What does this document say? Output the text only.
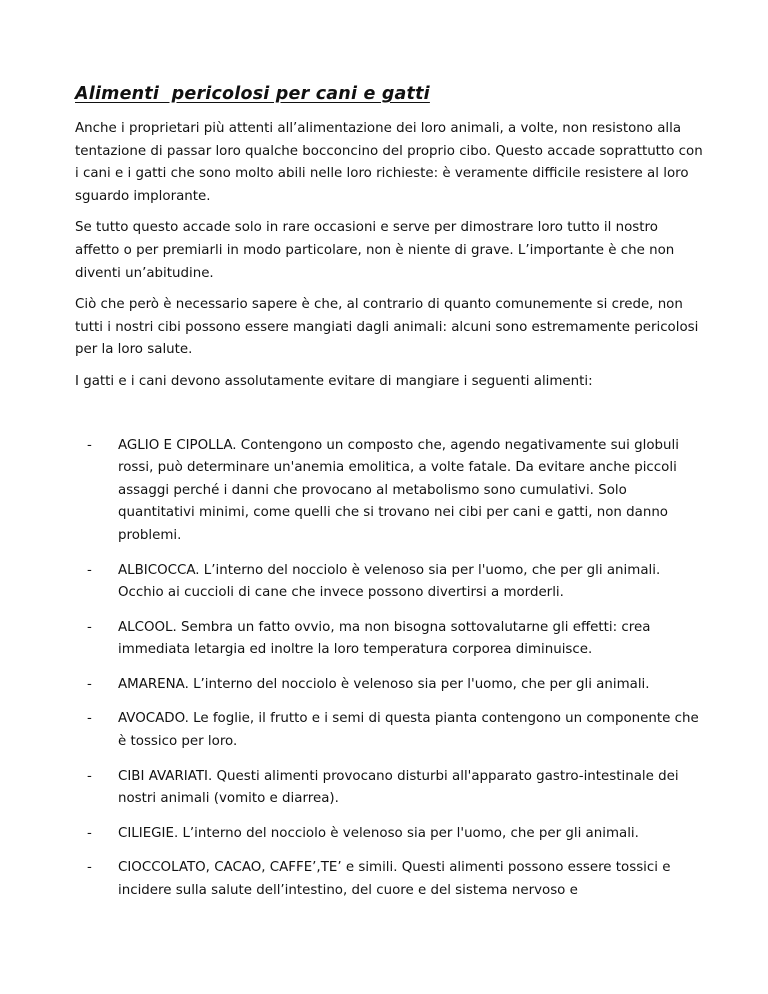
Alimenti  pericolosi per cani e gatti

Anche i proprietari più attenti all’alimentazione dei loro animali, a volte, non resistono alla tentazione di passar loro qualche bocconcino del proprio cibo. Questo accade soprattutto con i cani e i gatti che sono molto abili nelle loro richieste: è veramente difficile resistere al loro sguardo implorante.

Se tutto questo accade solo in rare occasioni e serve per dimostrare loro tutto il nostro affetto o per premiarli in modo particolare, non è niente di grave. L’importante è che non diventi un’abitudine.

Ciò che però è necessario sapere è che, al contrario di quanto comunemente si crede, non tutti i nostri cibi possono essere mangiati dagli animali: alcuni sono estremamente pericolosi per la loro salute.

I gatti e i cani devono assolutamente evitare di mangiare i seguenti alimenti:

- AGLIO E CIPOLLA. Contengono un composto che, agendo negativamente sui globuli rossi, può determinare un'anemia emolitica, a volte fatale. Da evitare anche piccoli assaggi perché i danni che provocano al metabolismo sono cumulativi. Solo quantitativi minimi, come quelli che si trovano nei cibi per cani e gatti, non danno problemi.
- ALBICOCCA. L’interno del nocciolo è velenoso sia per l'uomo, che per gli animali. Occhio ai cuccioli di cane che invece possono divertirsi a morderli.
- ALCOOL. Sembra un fatto ovvio, ma non bisogna sottovalutarne gli effetti: crea immediata letargia ed inoltre la loro temperatura corporea diminuisce.
- AMARENA. L’interno del nocciolo è velenoso sia per l'uomo, che per gli animali.
- AVOCADO. Le foglie, il frutto e i semi di questa pianta contengono un componente che è tossico per loro.
- CIBI AVARIATI. Questi alimenti provocano disturbi all'apparato gastro-intestinale dei nostri animali (vomito e diarrea).
- CILIEGIE. L’interno del nocciolo è velenoso sia per l'uomo, che per gli animali.
- CIOCCOLATO, CACAO, CAFFE’,TE’ e simili. Questi alimenti possono essere tossici e incidere sulla salute dell’intestino, del cuore e del sistema nervoso e
